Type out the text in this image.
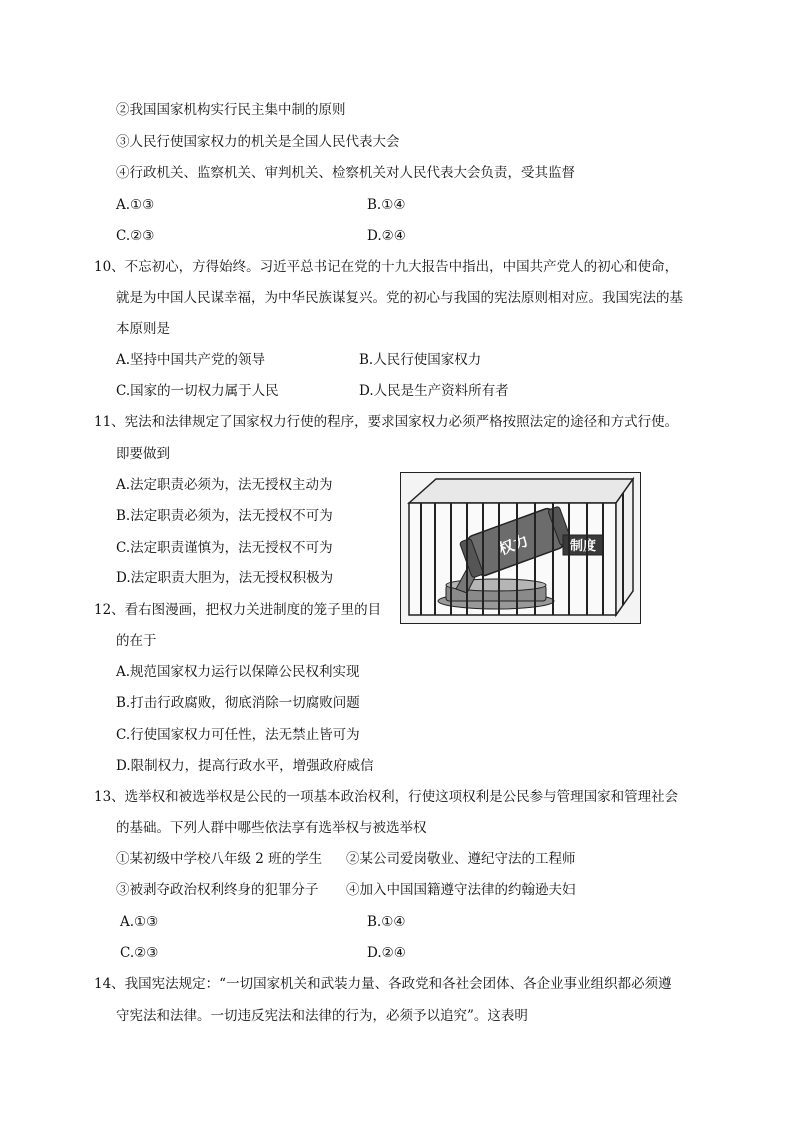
②我国国家机构实行民主集中制的原则
③人民行使国家权力的机关是全国人民代表大会
④行政机关、监察机关、审判机关、检察机关对人民代表大会负责，受其监督
A.①③	B.①④
C.②③	D.②④
10、不忘初心，方得始终。习近平总书记在党的十九大报告中指出，中国共产党人的初心和使命，
就是为中国人民谋幸福，为中华民族谋复兴。党的初心与我国的宪法原则相对应。我国宪法的基
本原则是
A.坚持中国共产党的领导	B.人民行使国家权力
C.国家的一切权力属于人民	D.人民是生产资料所有者
11、宪法和法律规定了国家权力行使的程序，要求国家权力必须严格按照法定的途径和方式行使。
即要做到
A.法定职责必须为，法无授权主动为
B.法定职责必须为，法无授权不可为
C.法定职责谨慎为，法无授权不可为
D.法定职责大胆为，法无授权积极为
权力	制度
12、看右图漫画，把权力关进制度的笼子里的目
的在于
A.规范国家权力运行以保障公民权利实现
B.打击行政腐败，彻底消除一切腐败问题
C.行使国家权力可任性，法无禁止皆可为
D.限制权力，提高行政水平，增强政府威信
13、选举权和被选举权是公民的一项基本政治权利，行使这项权利是公民参与管理国家和管理社会
的基础。下列人群中哪些依法享有选举权与被选举权
①某初级中学校八年级 2 班的学生 ②某公司爱岗敬业、遵纪守法的工程师
③被剥夺政治权利终身的犯罪分子 ④加入中国国籍遵守法律的约翰逊夫妇
A.①③	B.①④
C.②③	D.②④
14、我国宪法规定：“一切国家机关和武装力量、各政党和各社会团体、各企业事业组织都必须遵
守宪法和法律。一切违反宪法和法律的行为，必须予以追究”。这表明
